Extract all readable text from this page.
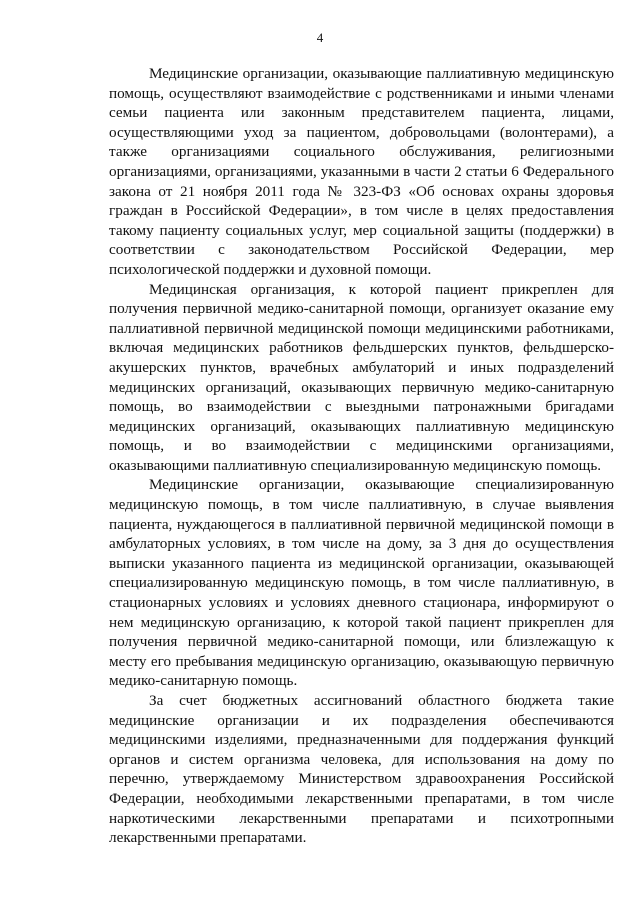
4

Медицинские организации, оказывающие паллиативную медицинскую помощь, осуществляют взаимодействие с родственниками и иными членами семьи пациента или законным представителем пациента, лицами, осуществляющими уход за пациентом, добровольцами (волонтерами), а также организациями социального обслуживания, религиозными организациями, организациями, указанными в части 2 статьи 6 Федерального закона от 21 ноября 2011 года № 323-ФЗ «Об основах охраны здоровья граждан в Российской Федерации», в том числе в целях предоставления такому пациенту социальных услуг, мер социальной защиты (поддержки) в соответствии с законодательством Российской Федерации, мер психологической поддержки и духовной помощи.

Медицинская организация, к которой пациент прикреплен для получения первичной медико-санитарной помощи, организует оказание ему паллиативной первичной медицинской помощи медицинскими работниками, включая медицинских работников фельдшерских пунктов, фельдшерско-акушерских пунктов, врачебных амбулаторий и иных подразделений медицинских организаций, оказывающих первичную медико-санитарную помощь, во взаимодействии с выездными патронажными бригадами медицинских организаций, оказывающих паллиативную медицинскую помощь, и во взаимодействии с медицинскими организациями, оказывающими паллиативную специализированную медицинскую помощь.

Медицинские организации, оказывающие специализированную медицинскую помощь, в том числе паллиативную, в случае выявления пациента, нуждающегося в паллиативной первичной медицинской помощи в амбулаторных условиях, в том числе на дому, за 3 дня до осуществления выписки указанного пациента из медицинской организации, оказывающей специализированную медицинскую помощь, в том числе паллиативную, в стационарных условиях и условиях дневного стационара, информируют о нем медицинскую организацию, к которой такой пациент прикреплен для получения первичной медико-санитарной помощи, или близлежащую к месту его пребывания медицинскую организацию, оказывающую первичную медико-санитарную помощь.

За счет бюджетных ассигнований областного бюджета такие медицинские организации и их подразделения обеспечиваются медицинскими изделиями, предназначенными для поддержания функций органов и систем организма человека, для использования на дому по перечню, утверждаемому Министерством здравоохранения Российской Федерации, необходимыми лекарственными препаратами, в том числе наркотическими лекарственными препаратами и психотропными лекарственными препаратами.
